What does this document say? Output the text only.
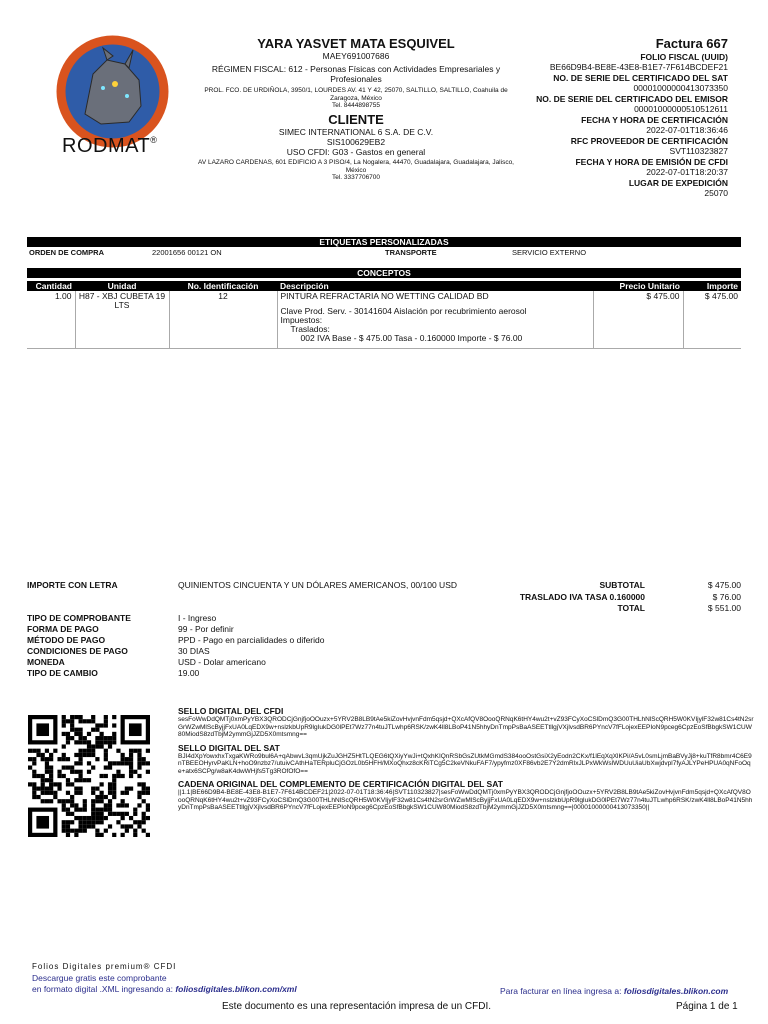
RODMAT®
YARA YASVET MATA ESQUIVEL
MAEY691007686
RÉGIMEN FISCAL: 612 - Personas Físicas con Actividades Empresariales y Profesionales
PROL. FCO. DE URDIÑOLA, 3950/1, LOURDES AV. 41 Y 42, 25070, SALTILLO, SALTILLO, Coahuila de Zaragoza, México
Tel. 8444898755
CLIENTE
SIMEC INTERNATIONAL 6 S.A. DE C.V.
SIS100629EB2
USO CFDI: G03 - Gastos en general
AV LAZARO CARDENAS, 601 EDIFICIO A 3 PISO/4, La Nogalera, 44470, Guadalajara, Guadalajara, Jalisco, México
Tel. 3337706700
Factura 667
FOLIO FISCAL (UUID)
BE66D9B4-BE8E-43E8-B1E7-7F614BCDEF21
NO. DE SERIE DEL CERTIFICADO DEL SAT
00001000000413073350
NO. DE SERIE DEL CERTIFICADO DEL EMISOR
00001000000510512611
FECHA Y HORA DE CERTIFICACIÓN
2022-07-01T18:36:46
RFC PROVEEDOR DE CERTIFICACIÓN
SVT110323827
FECHA Y HORA DE EMISIÓN DE CFDI
2022-07-01T18:20:37
LUGAR DE EXPEDICIÓN
25070
ETIQUETAS PERSONALIZADAS
ORDEN DE COMPRA	22001656 00121 ON	TRANSPORTE	SERVICIO EXTERNO
CONCEPTOS
Cantidad	Unidad	No. Identificación	Descripción	Precio Unitario	Importe
1.00	H87 - XBJ CUBETA 19 LTS	12	PINTURA REFRACTARIA NO WETTING CALIDAD BD
Clave Prod. Serv. - 30141604 Aislación por recubrimiento aerosol
Impuestos:
Traslados:
002 IVA Base - $ 475.00 Tasa - 0.160000 Importe - $ 76.00	$ 475.00	$ 475.00
IMPORTE CON LETRA	QUINIENTOS CINCUENTA Y UN DÓLARES AMERICANOS, 00/100 USD	SUBTOTAL	$ 475.00
TRASLADO IVA TASA 0.160000	$ 76.00
TOTAL	$ 551.00
TIPO DE COMPROBANTE	I - Ingreso
FORMA DE PAGO	99 - Por definir
MÉTODO DE PAGO	PPD - Pago en parcialidades o diferido
CONDICIONES DE PAGO	30 DIAS
MONEDA	USD - Dolar americano
TIPO DE CAMBIO	19.00
SELLO DIGITAL DEL CFDI
sesFoWwDdQMTj0xmPyYBX3QRODCjGnjfjoOOuzx+5YRV2B8LB9tAe5kiZovHvjvnFdm5qsjd+QXcAfQV8OooQRNqK6tHY4wu2t+vZ93FCyXoCSlDmQ3G00THLhNlScQRH5W0KVIjylF32w81Cs4tN2srGrWZwMlScByjjFxUA0LqEDX9w+nslzkbUpR9lgIukDG0lPEt7Wz77n4tuJTLwhp6RSK/zwK4ll8LBoP41N5hhyDnTmpPsBaASEETtllgjVXjlvsdBR6PYncV7fFLojexEEPIoN9pceg6CpzEoSfBbgkSW1CUW80MiodS8zdTbjM2ymmGjJZD5X0mtsmng==
SELLO DIGITAL DEL SAT
BJI4dXpYowxhxTxgaKWRo9bul6A+qAbwvL3qmUjkZuJGHZ5HtTLQEG6tQXiyYwJi+tQxhKIQnRSbGsZUtkMGmdS384ooOstGsiX2yEodn2CKx/f1lEqXqXlKPi/A5vL0smLjmBaBVyJj8+kuTfR8bmr4C6E9nTBEEOHyrvPaKLN+hoO9nzbz7/utuivCAthHaTERpluCjGOzL0b5HFH/MXoQhxz8cKRiTCg5C2keVNkuFAF7/ypyfmz0XF86vb2E7Y2dmRlxJLPxWkWslWDUuUiaUbXwjdvpl7fyAJLYPeHPUA0qNFoOqe+atx6SCPg/w8aK4dwWHjfs5Tg3ROfOfO==
CADENA ORIGINAL DEL COMPLEMENTO DE CERTIFICACIÓN DIGITAL DEL SAT
||1.1|BE66D9B4-BE8E-43E8-B1E7-7F614BCDEF21|2022-07-01T18:36:46|SVT110323827|sesFoWwDdQMTj0xmPyYBX3QRODCjGnjfjoOOuzx+5YRV2B8LB9tAe5kiZovHvjvnFdm5qsjd+QXcAfQV8OooQRNqK6tHY4wu2t+vZ93FCyXoCSlDmQ3G00THLhNlScQRH5W0KVIjylF32w81Cs4tN2srGrWZwMlScByjjFxUA0LqEDX9w+nslzkbUpR9lgIukDG0lPEt7Wz77n4tuJTLwhp6RSK/zwK4ll8LBoP41N5hhyDnTmpPsBaASEETtllgjVXjlvsdBR6PYncV7fFLojexEEPIoN9pceg6CpzEoSfBbgkSW1CUW80MiodS8zdTbjM2ymmGjJZD5X0mtsmng==|00001000000413073350||
Folios Digitales premium® CFDI
Descargue gratis este comprobante
en formato digital .XML ingresando a: foliosdigitales.blikon.com/xml	Para facturar en línea ingresa a: foliosdigitales.blikon.com
Este documento es una representación impresa de un CFDI.	Página 1 de 1
